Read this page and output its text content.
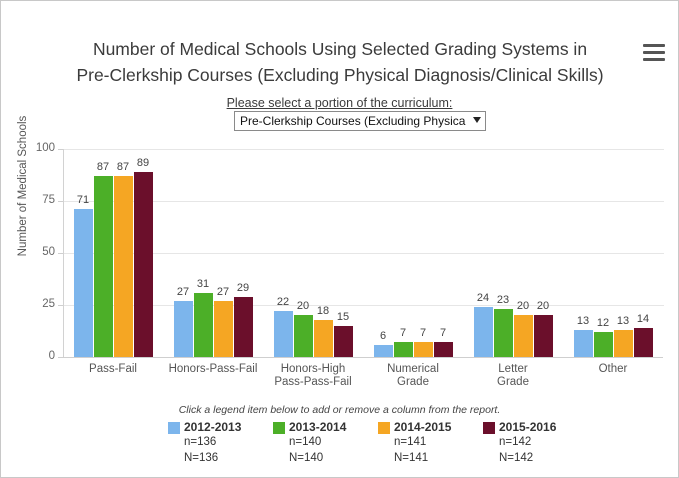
Number of Medical Schools Using Selected Grading Systems in
Pre-Clerkship Courses (Excluding Physical Diagnosis/Clinical Skills)
Please select a portion of the curriculum:
Pre-Clerkship Courses (Excluding Physica
Number of Medical Schools
0
25
50
75
100
71
87 87 89
27
31
27 29
22 20 18
15
6	7	7	7
24 23
20 20
13 12 13 14
Pass-Fail	Honors-Pass-Fail	Honors-High
Pass-Pass-Fail
Numerical
Grade
Letter
Grade
Other
Click a legend item below to add or remove a column from the report.
2012-2013
n=136
N=136
2013-2014
n=140
N=140
2014-2015
n=141
N=141
2015-2016
n=142
N=142
